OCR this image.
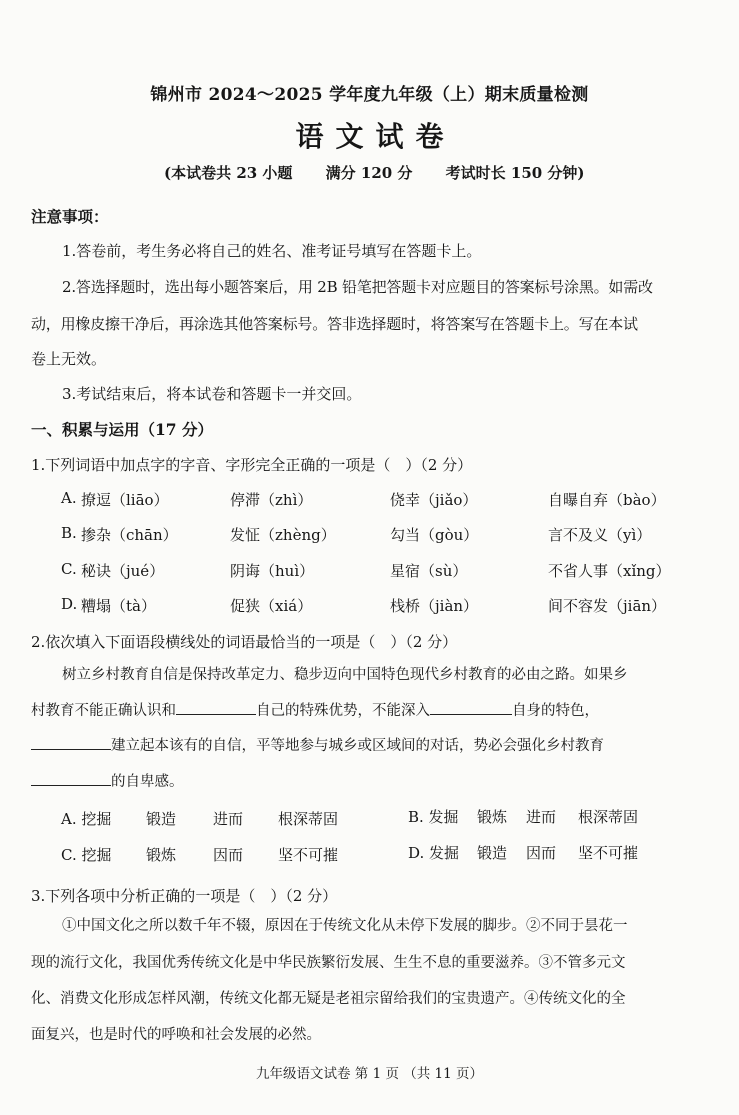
锦州市 2024～2025 学年度九年级（上）期末质量检测
语文试卷
(本试卷共 23 小题 满分 120 分 考试时长 150 分钟)
注意事项：
1.答卷前，考生务必将自己的姓名、准考证号填写在答题卡上。
2.答选择题时，选出每小题答案后，用 2B 铅笔把答题卡对应题目的答案标号涂黑。如需改
动，用橡皮擦干净后，再涂选其他答案标号。答非选择题时，将答案写在答题卡上。写在本试
卷上无效。
3.考试结束后，将本试卷和答题卡一并交回。
一、积累与运用（17 分）
1.下列词语中加点字的字音、字形完全正确的一项是（　）（2 分）
A. 撩逗（liāo）	停滞（zhì）	侥幸（jiǎo）	自曝自弃（bào）
B. 掺杂（chān）	发怔（zhèng）	勾当（gòu）	言不及义（yì）
C. 秘诀（jué）	阴诲（huì）	星宿（sù）	不省人事（xǐng）
D. 糟塌（tà）	促狭（xiá）	栈桥（jiàn）	间不容发（jiān）
2.依次填入下面语段横线处的词语最恰当的一项是（　）（2 分）
树立乡村教育自信是保持改革定力、稳步迈向中国特色现代乡村教育的必由之路。如果乡
村教育不能正确认识和	自己的特殊优势，不能深入	自身的特色，
建立起本该有的自信，平等地参与城乡或区域间的对话，势必会强化乡村教育
的自卑感。
A. 挖掘 锻造 进而 根深蒂固	B. 发掘 锻炼 进而 根深蒂固
C. 挖掘 锻炼 因而 坚不可摧	D. 发掘 锻造 因而 坚不可摧
3.下列各项中分析正确的一项是（　）（2 分）
①中国文化之所以数千年不辍，原因在于传统文化从未停下发展的脚步。②不同于昙花一
现的流行文化，我国优秀传统文化是中华民族繁衍发展、生生不息的重要滋养。③不管多元文
化、消费文化形成怎样风潮，传统文化都无疑是老祖宗留给我们的宝贵遗产。④传统文化的全
面复兴，也是时代的呼唤和社会发展的必然。
九年级语文试卷 第 1 页 （共 11 页）
